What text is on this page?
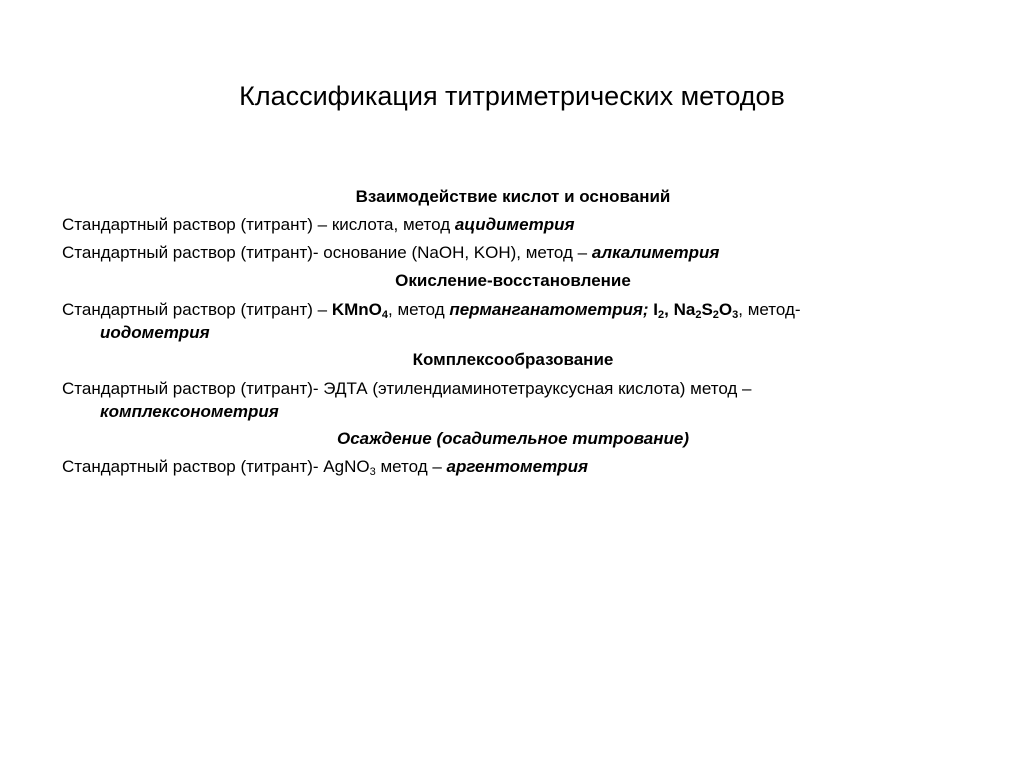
Классификация титриметрических методов
Взаимодействие кислот и оснований
Стандартный раствор (титрант) – кислота, метод ацидиметрия
Стандартный раствор (титрант)- основание (NaOH, KOH), метод – алкалиметрия
Окисление-восстановление
Стандартный раствор (титрант) – KMnO$_4$, метод перманганатометрия; $I_2$, $Na_2S_2O_3$, метод-
иодометрия
Комплексообразование
Стандартный раствор (титрант)- ЭДТА (этилендиаминотетрауксусная кислота) метод –
комплексонометрия
Осаждение (осадительное титрование)
Стандартный раствор (титрант)- AgNO$_3$ метод – аргентометрия
